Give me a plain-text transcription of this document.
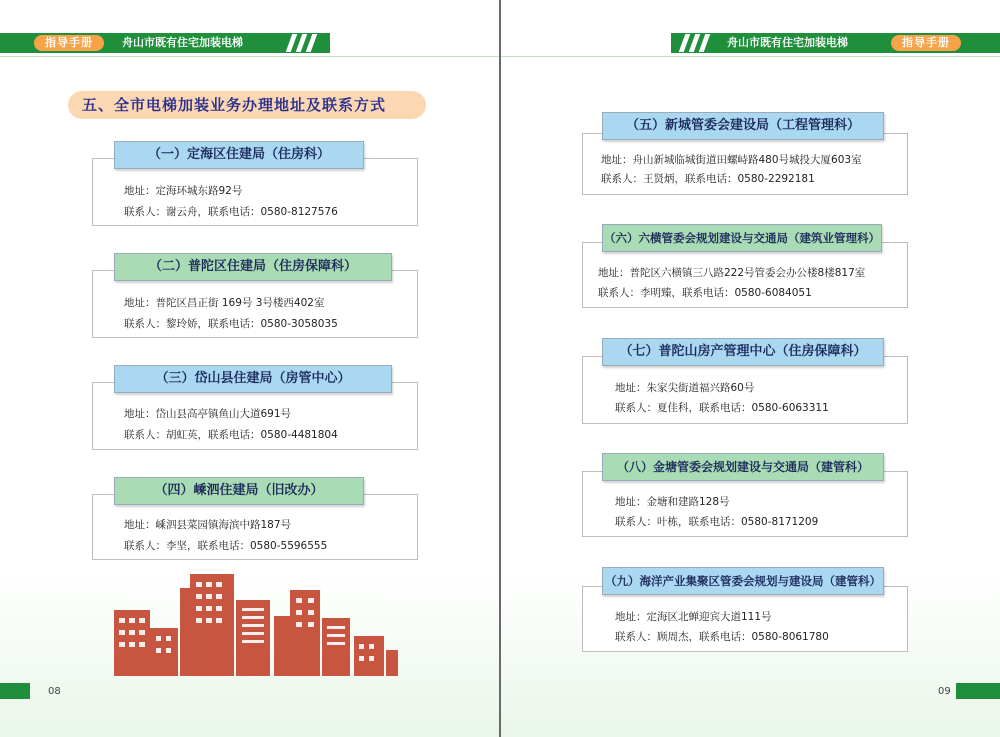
指导手册	舟山市既有住宅加装电梯
五、全市电梯加装业务办理地址及联系方式
（一）定海区住建局（住房科）
地址：定海环城东路92号
联系人：谢云舟，联系电话：0580-8127576
（二）普陀区住建局（住房保障科）
地址：普陀区昌正街 169号 3号楼西402室
联系人：黎玲娇，联系电话：0580-3058035
（三）岱山县住建局（房管中心）
地址：岱山县高亭镇鱼山大道691号
联系人：胡虹英，联系电话：0580-4481804
（四）嵊泗住建局（旧改办）
地址：嵊泗县菜园镇海滨中路187号
联系人：李坚，联系电话：0580-5596555
08
舟山市既有住宅加装电梯	指导手册
（五）新城管委会建设局（工程管理科）
地址：舟山新城临城街道田螺峙路480号城投大厦603室
联系人：王贤炳，联系电话：0580-2292181
（六）六横管委会规划建设与交通局（建筑业管理科）
地址：普陀区六横镇三八路222号管委会办公楼8楼817室
联系人：李明臻，联系电话：0580-6084051
（七）普陀山房产管理中心（住房保障科）
地址：朱家尖街道福兴路60号
联系人：夏佳科，联系电话：0580-6063311
（八）金塘管委会规划建设与交通局（建管科）
地址：金塘和建路128号
联系人：叶栋，联系电话：0580-8171209
（九）海洋产业集聚区管委会规划与建设局（建管科）
地址：定海区北蝉迎宾大道111号
联系人：顾周杰，联系电话：0580-8061780
09
